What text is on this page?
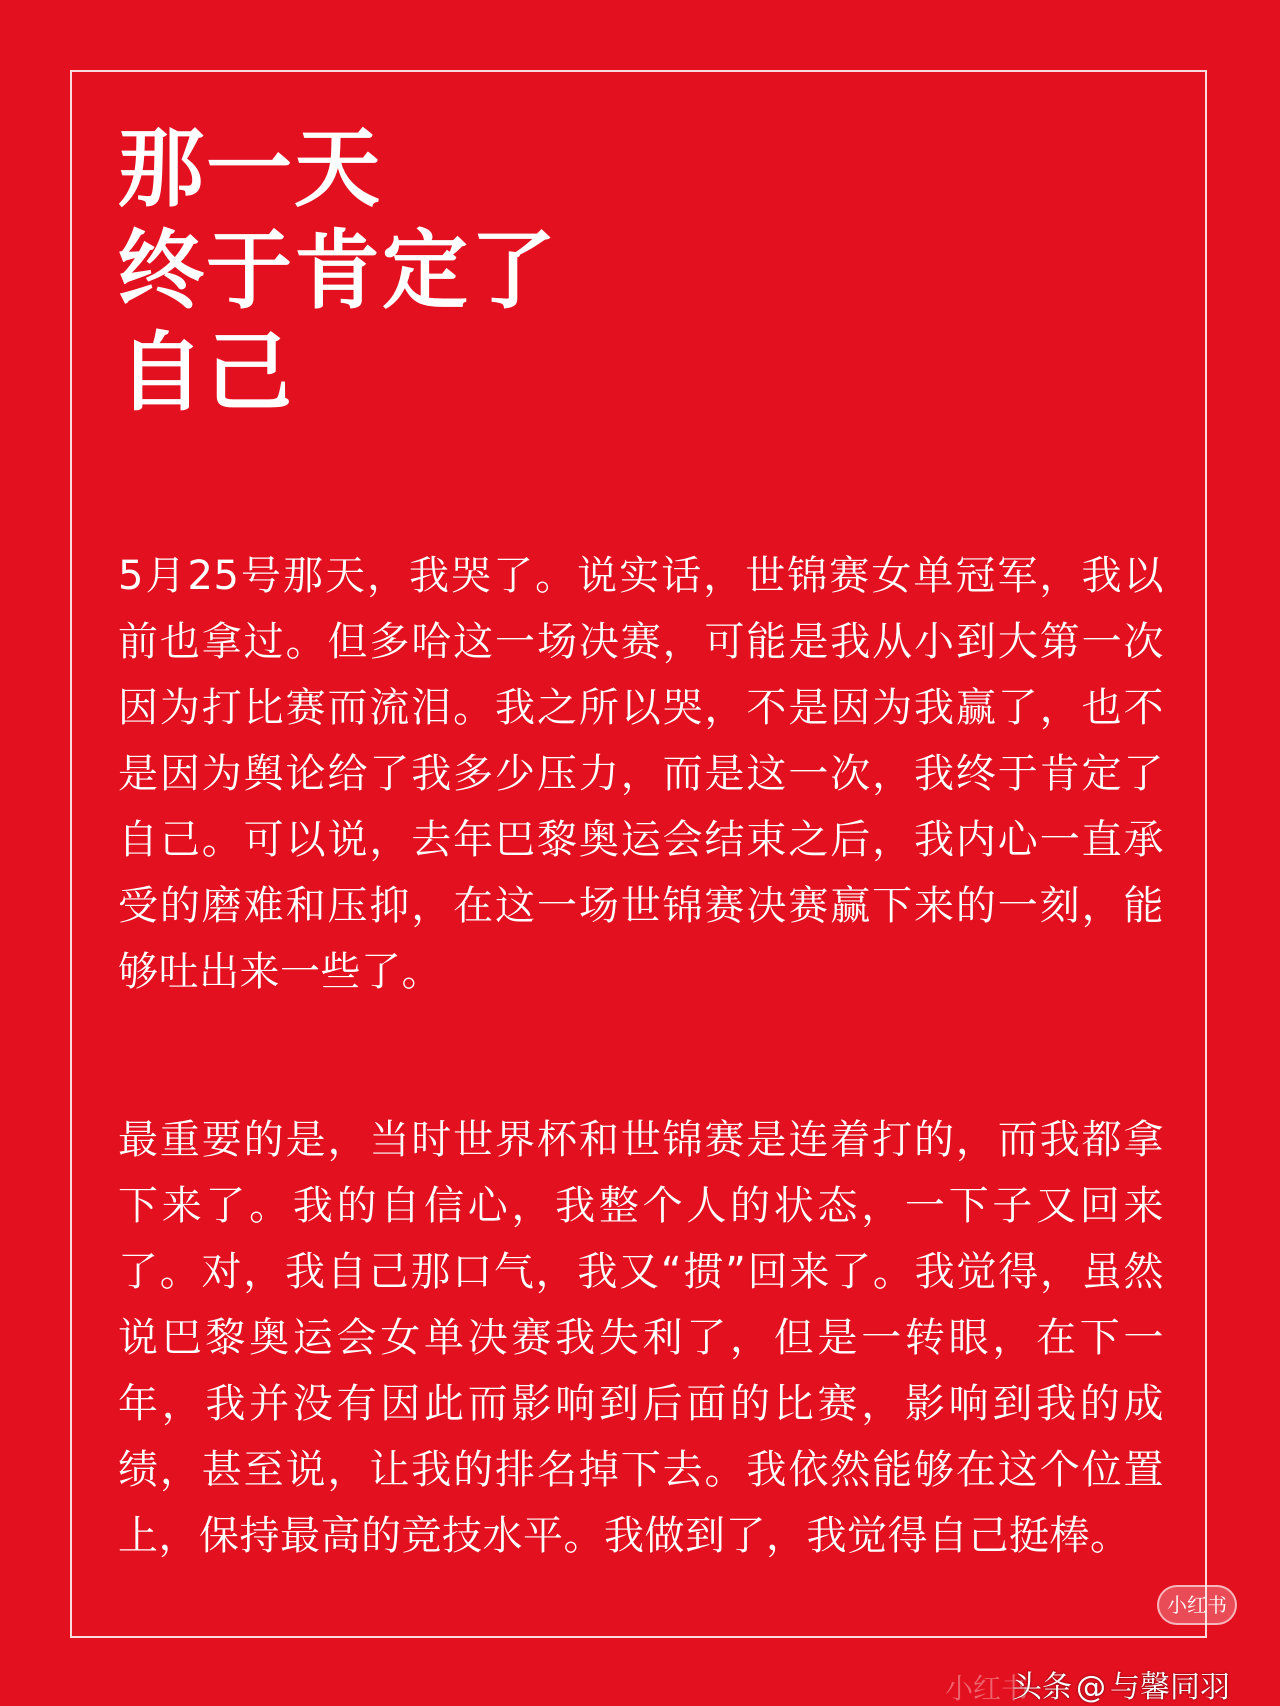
那一天
终于肯定了
自己

5月25号那天，我哭了。说实话，世锦赛女单冠军，我以前也拿过。但多哈这一场决赛，可能是我从小到大第一次因为打比赛而流泪。我之所以哭，不是因为我赢了，也不是因为舆论给了我多少压力，而是这一次，我终于肯定了自己。可以说，去年巴黎奥运会结束之后，我内心一直承受的磨难和压抑，在这一场世锦赛决赛赢下来的一刻，能够吐出来一些了。

最重要的是，当时世界杯和世锦赛是连着打的，而我都拿下来了。我的自信心，我整个人的状态，一下子又回来了。对，我自己那口气，我又“掼”回来了。我觉得，虽然说巴黎奥运会女单决赛我失利了，但是一转眼，在下一年，我并没有因此而影响到后面的比赛，影响到我的成绩，甚至说，让我的排名掉下去。我依然能够在这个位置上，保持最高的竞技水平。我做到了，我觉得自己挺棒。

小红书
小红书
头条 @ 与馨同羽
